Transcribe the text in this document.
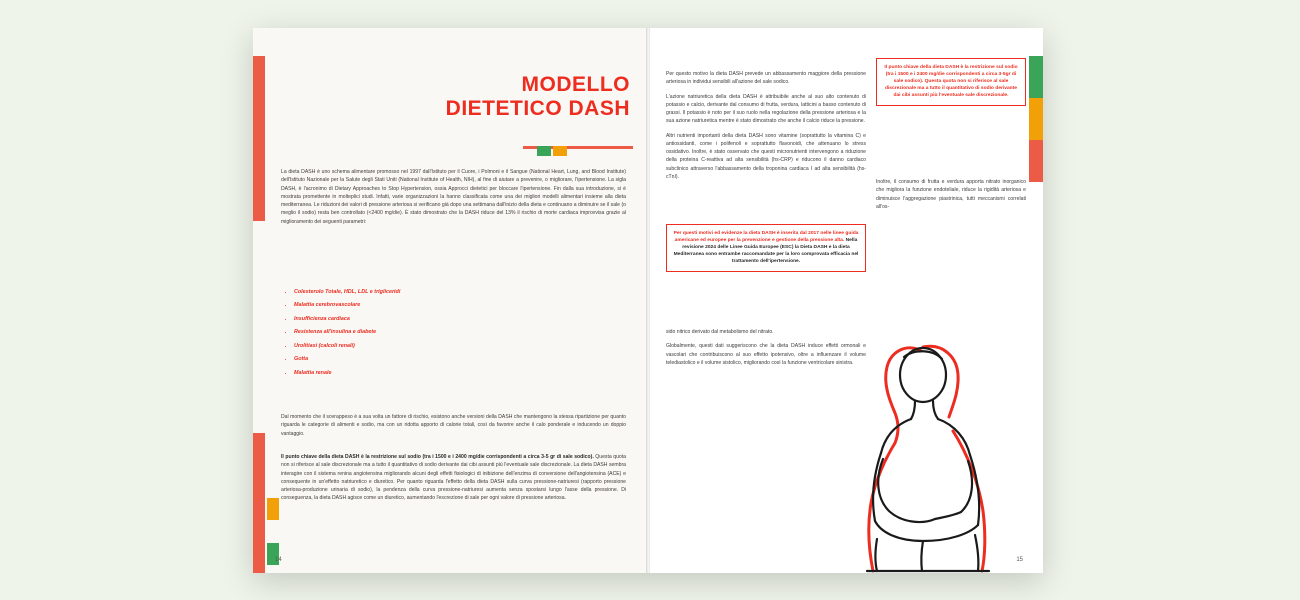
MODELLO
DIETETICO DASH

La dieta DASH è uno schema alimentare promosso nel 1997 dall'Istituto per il Cuore, i Polmoni e il Sangue (National Heart, Lung, and Blood Institute) dell'Istituto Nazionale per la Salute degli Stati Uniti (National Institute of Health, NIH), al fine di aiutare a prevenire, o migliorare, l'ipertensione. La sigla DASH, è l'acronimo di Dietary Approaches to Stop Hypertension, ossia Approcci dietetici per bloccare l'ipertensione. Fin dalla sua introduzione, si è mostrata promettente in molteplici studi. Infatti, varie organizzazioni la hanno classificata come una dei migliori modelli alimentari insieme alla dieta mediterranea. Le riduzioni dei valori di pressione arteriosa si verificano già dopo una settimana dall'inizio della dieta e continuano a diminuire se il sale (o meglio il sodio) resta ben controllato (<2400 mg/die). È stato dimostrato che la DASH riduce del 13% il rischio di morte cardiaca improvvisa grazie al miglioramento dei seguenti parametri:

• Colesterolo Totale, HDL, LDL e trigliceridi
• Malattia cerebrovascolare
• Insufficienza cardiaca
• Resistenza all'insulina e diabete
• Urolitiasi (calcoli renali)
• Gotta
• Malattia renale

Dal momento che il sovrappeso è a sua volta un fattore di rischio, esistono anche versioni della DASH che mantengono la stessa ripartizione per quanto riguarda le categorie di alimenti e sodio, ma con un ridotta apporto di calorie totali, così da favorire anche il calo ponderale e inducendo un doppio vantaggio.

Il punto chiave della dieta DASH è la restrizione sul sodio (tra i 1500 e i 2400 mg/die corrispondenti a circa 3-5 gr di sale sodico). Questa quota non si riferisce al sale discrezionale ma a tutto il quantitativo di sodio derivante dai cibi assunti più l'eventuale sale discrezionale. La dieta DASH sembra interagire con il sistema renina angiotensina migliorando alcuni degli effetti fisiologici di inibizione dell'enzima di conversione dell'angiotensina (ACE) e consequente in un'effetto natriuretico e diuretico. Per quanto riguarda l'effetto della dieta DASH sulla curva pressione-natriuresi (rapporto pressione arteriosa-produzione urinaria di sodio), la pendenza della curva pressione-natriuresi aumenta senza spostarsi lungo l'asse della pressione. Di conseguenza, la dieta DASH agisce come un diuretico, aumentando l'escrezione di sale per ogni valore di pressione arteriosa.

14

Per questo motivo la dieta DASH prevede un abbassamento maggiore della pressione arteriosa in individui sensibili all'azione del sale sodico.

L'azione natriuretica della dieta DASH è attribuibile anche al suo alto contenuto di potassio e calcio, derivante dal consumo di frutta, verdura, latticini a basso contenuto di grassi. Il potassio è noto per il suo ruolo nella regolazione della pressione arteriosa e la sua azione natriuretica mentre è stato dimostrato che anche il calcio riduce la pressione.

Altri nutrienti importanti della dieta DASH sono vitamine (soprattutto la vitamina C) e antiossidanti, come i polifenoli e soprattutto flavonoidi, che attenuano lo stress ossidativo. Inoltre, è stato osservato che questi micronutrienti intervengono a riduzione della proteina C-reattiva ad alta sensibilità (hs-CRP) e riducono il danno cardiaco subclinico attraverso l'abbassamento della troponina cardiaca I ad alta sensibilità (hs-cTnI).

Per questi motivi ed evidenze la dieta DASH è inserita dal 2017 nelle linee guida americane ed europee per la prevenzione e gestione della pressione alta. Nella revisione 2024 delle Linee Guida Europee (ESC) la Dieta DASH e la dieta Mediterranea sono entrambe raccomandate per la loro comprovata efficacia nel trattamento dell'ipertensione.

sido nitrico derivato dal metabolismo del nitrato.

Globalmente, questi dati suggeriscono che la dieta DASH induce effetti ormonali e vascolari che contribuiscono al suo effetto ipotensivo, oltre a influenzare il volume telediastolico e il volume sistolico, migliorando così la funzione ventricolare sinistra.

Il punto chiave della dieta DASH è la restrizione sul sodio (tra i 1500 e i 2400 mg/die corrispondenti a circa 3-5gr di sale sodico). Questa quota non si riferisce al sale discrezionale ma a tutto il quantitativo di sodio derivante dai cibi assunti più l'eventuale sale discrezionale.

Inoltre, il consumo di frutta e verdura apporta nitrato inorganico che migliora la funzione endoteliale, riduce la rigidità arteriosa e diminuisce l'aggregazione piastrinica, tutti meccanismi correlati all'os-

15
